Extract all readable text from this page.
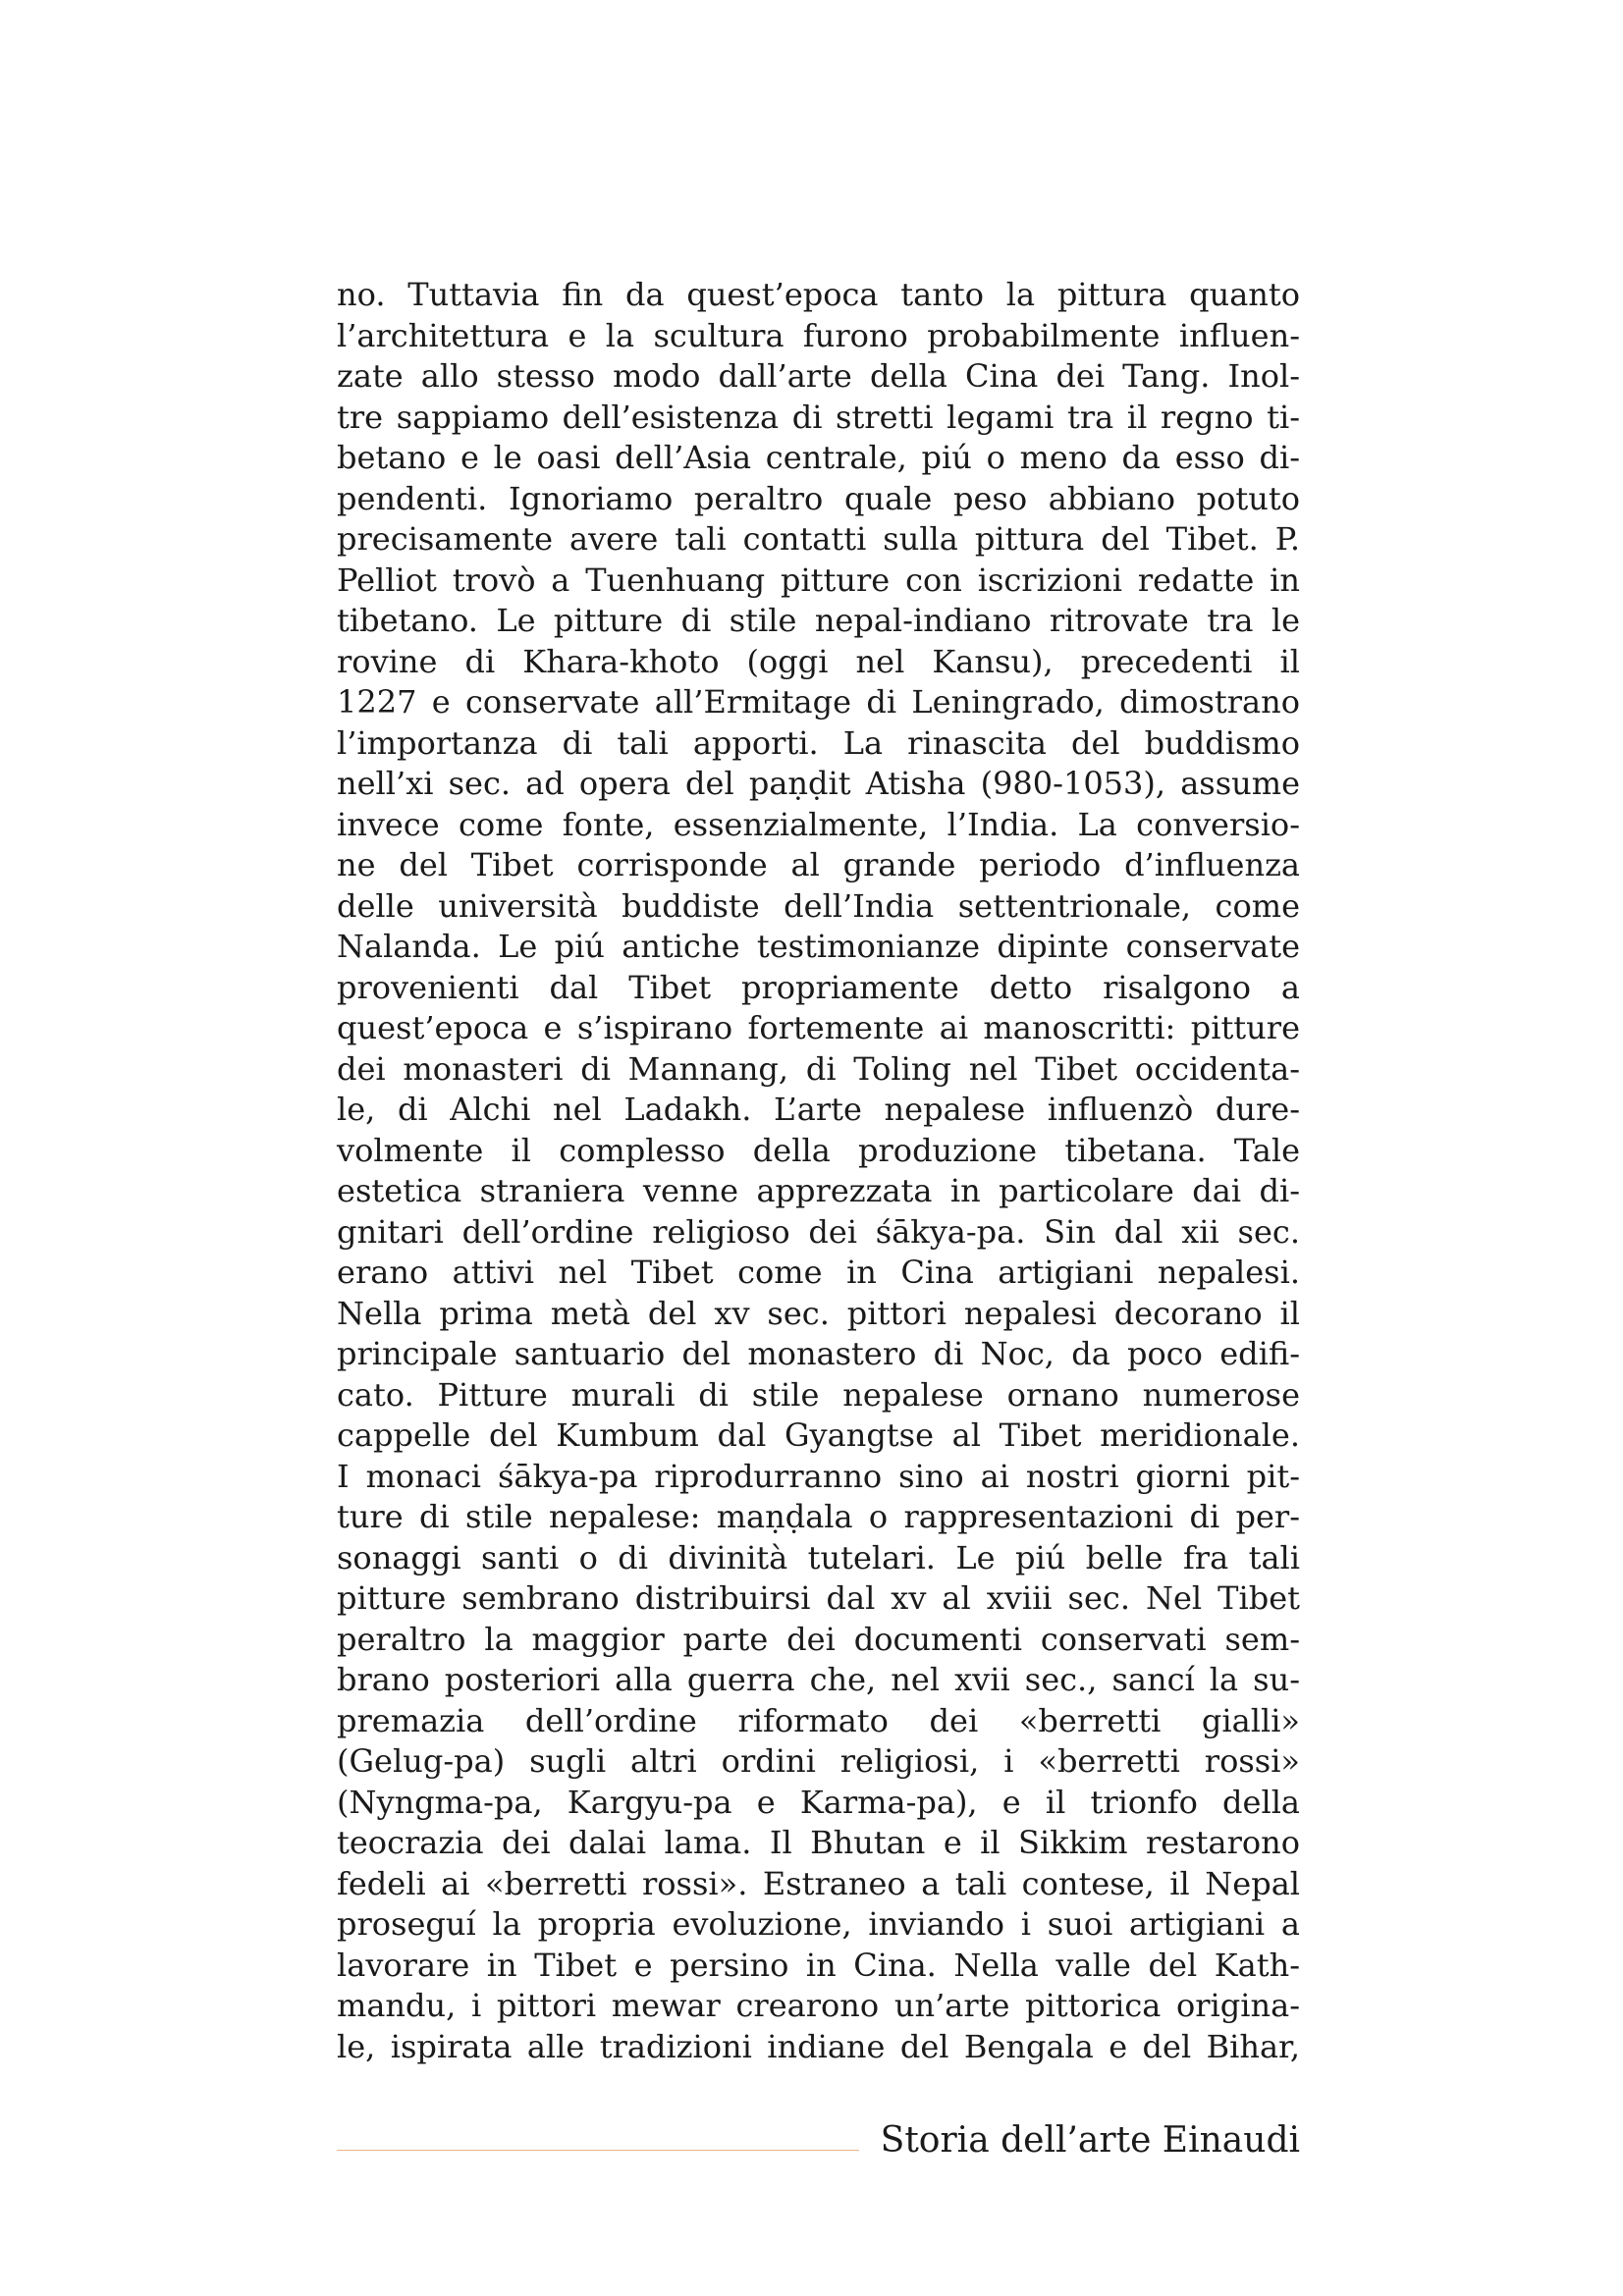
no. Tuttavia fin da quest’epoca tanto la pittura quanto
l’architettura e la scultura furono probabilmente influen-
zate allo stesso modo dall’arte della Cina dei Tang. Inol-
tre sappiamo dell’esistenza di stretti legami tra il regno ti-
betano e le oasi dell’Asia centrale, piú o meno da esso di-
pendenti. Ignoriamo peraltro quale peso abbiano potuto
precisamente avere tali contatti sulla pittura del Tibet. P.
Pelliot trovò a Tuenhuang pitture con iscrizioni redatte in
tibetano. Le pitture di stile nepal-indiano ritrovate tra le
rovine di Khara-khoto (oggi nel Kansu), precedenti il
1227 e conservate all’Ermitage di Leningrado, dimostrano
l’importanza di tali apporti. La rinascita del buddismo
nell’xi sec. ad opera del paṇḍit Atisha (980-1053), assume
invece come fonte, essenzialmente, l’India. La conversio-
ne del Tibet corrisponde al grande periodo d’influenza
delle università buddiste dell’India settentrionale, come
Nalanda. Le piú antiche testimonianze dipinte conservate
provenienti dal Tibet propriamente detto risalgono a
quest’epoca e s’ispirano fortemente ai manoscritti: pitture
dei monasteri di Mannang, di Toling nel Tibet occidenta-
le, di Alchi nel Ladakh. L’arte nepalese influenzò dure-
volmente il complesso della produzione tibetana. Tale
estetica straniera venne apprezzata in particolare dai di-
gnitari dell’ordine religioso dei śākya-pa. Sin dal xii sec.
erano attivi nel Tibet come in Cina artigiani nepalesi.
Nella prima metà del xv sec. pittori nepalesi decorano il
principale santuario del monastero di Noc, da poco edifi-
cato. Pitture murali di stile nepalese ornano numerose
cappelle del Kumbum dal Gyangtse al Tibet meridionale.
I monaci śākya-pa riprodurranno sino ai nostri giorni pit-
ture di stile nepalese: maṇḍala o rappresentazioni di per-
sonaggi santi o di divinità tutelari. Le piú belle fra tali
pitture sembrano distribuirsi dal xv al xviii sec. Nel Tibet
peraltro la maggior parte dei documenti conservati sem-
brano posteriori alla guerra che, nel xvii sec., sancí la su-
premazia dell’ordine riformato dei «berretti gialli»
(Gelug-pa) sugli altri ordini religiosi, i «berretti rossi»
(Nyngma-pa, Kargyu-pa e Karma-pa), e il trionfo della
teocrazia dei dalai lama. Il Bhutan e il Sikkim restarono
fedeli ai «berretti rossi». Estraneo a tali contese, il Nepal
proseguí la propria evoluzione, inviando i suoi artigiani a
lavorare in Tibet e persino in Cina. Nella valle del Kath-
mandu, i pittori mewar crearono un’arte pittorica origina-
le, ispirata alle tradizioni indiane del Bengala e del Bihar,
Storia dell’arte Einaudi
